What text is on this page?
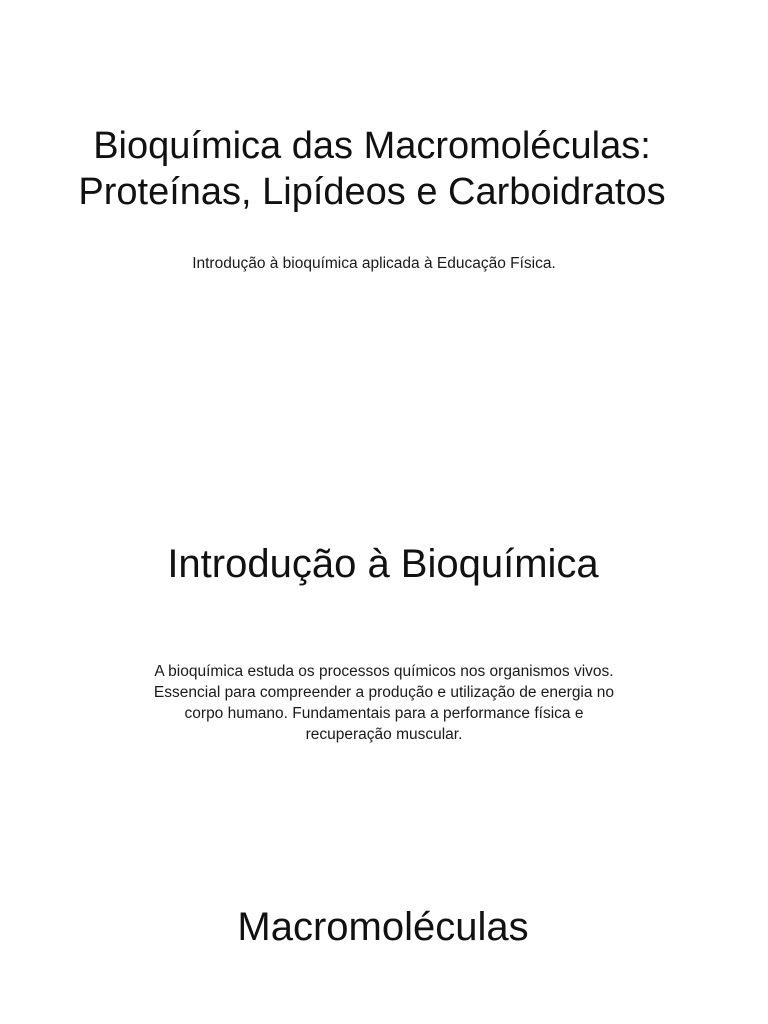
Bioquímica das Macromoléculas:
Proteínas, Lipídeos e Carboidratos
Introdução à bioquímica aplicada à Educação Física.
Introdução à Bioquímica
A bioquímica estuda os processos químicos nos organismos vivos.
Essencial para compreender a produção e utilização de energia no
corpo humano. Fundamentais para a performance física e
recuperação muscular.
Macromoléculas
